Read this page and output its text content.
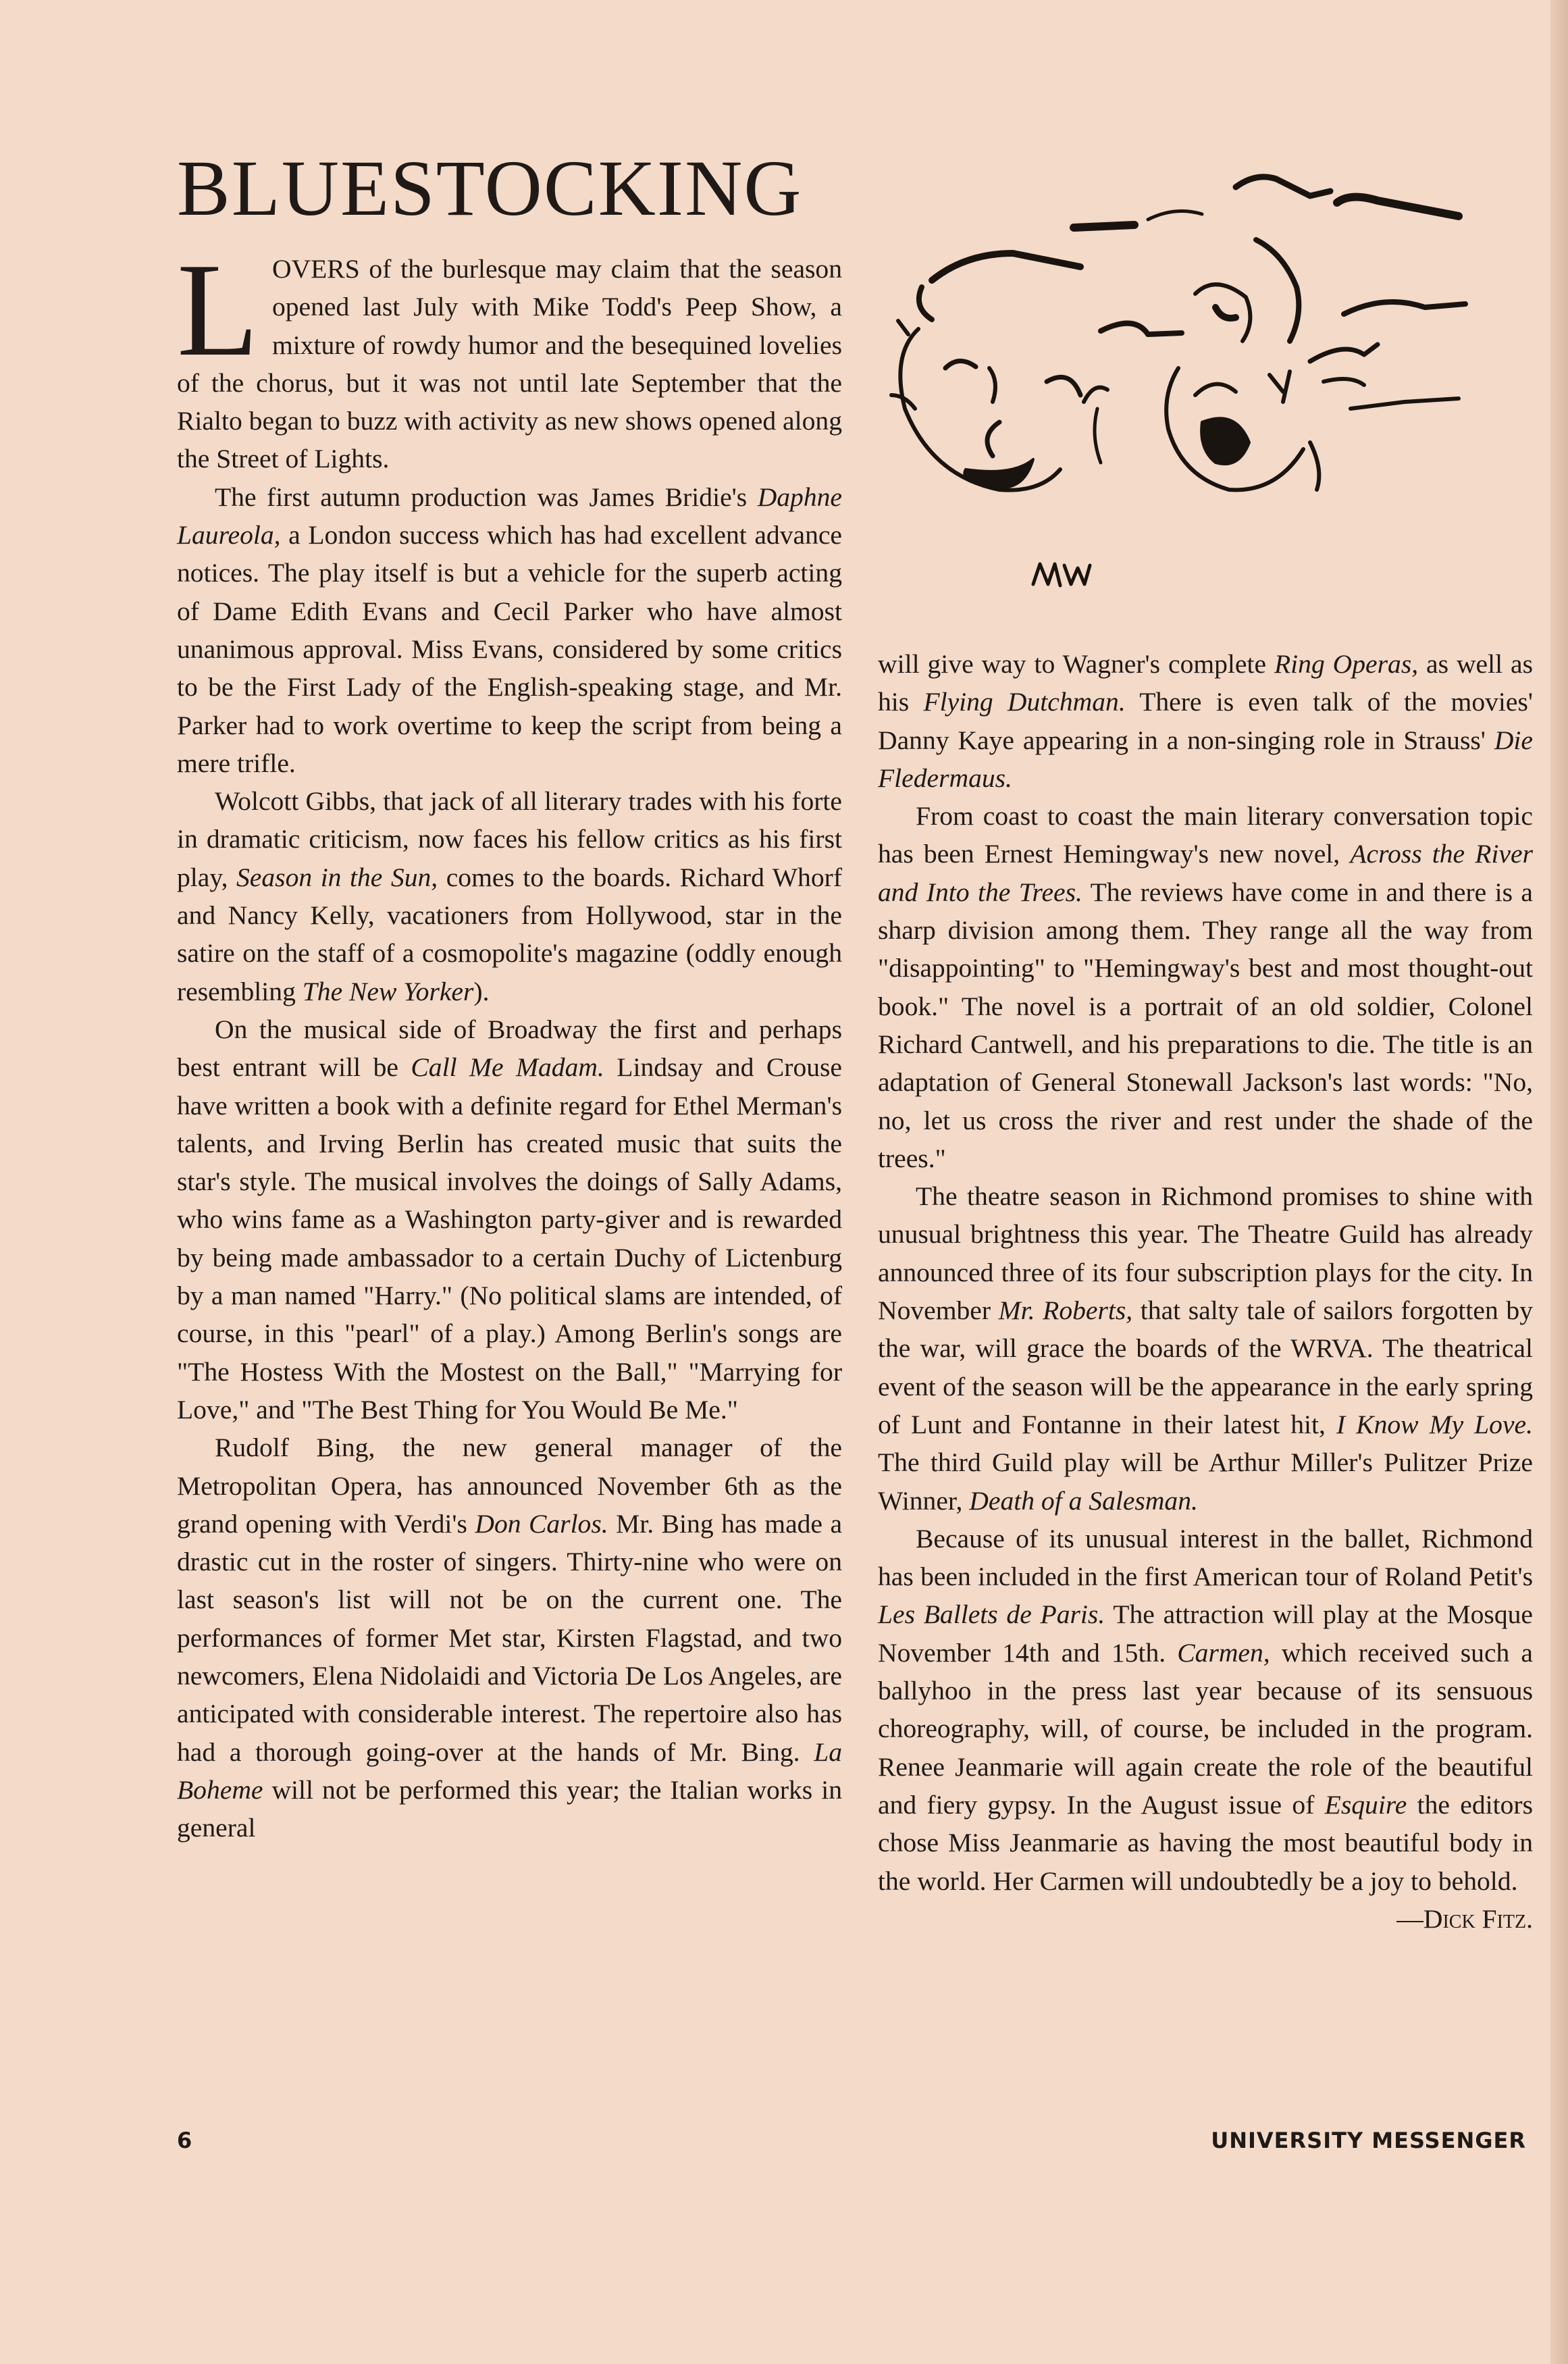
BLUESTOCKING

LOVERS of the burlesque may claim that the season opened last July with Mike Todd's Peep Show, a mixture of rowdy humor and the besequined lovelies of the chorus, but it was not until late September that the Rialto began to buzz with activity as new shows opened along the Street of Lights.

The first autumn production was James Bridie's Daphne Laureola, a London success which has had excellent advance notices. The play itself is but a vehicle for the superb acting of Dame Edith Evans and Cecil Parker who have almost unanimous approval. Miss Evans, considered by some critics to be the First Lady of the English-speaking stage, and Mr. Parker had to work overtime to keep the script from being a mere trifle.

Wolcott Gibbs, that jack of all literary trades with his forte in dramatic criticism, now faces his fellow critics as his first play, Season in the Sun, comes to the boards. Richard Whorf and Nancy Kelly, vacationers from Hollywood, star in the satire on the staff of a cosmopolite's magazine (oddly enough resembling The New Yorker).

On the musical side of Broadway the first and perhaps best entrant will be Call Me Madam. Lindsay and Crouse have written a book with a definite regard for Ethel Merman's talents, and Irving Berlin has created music that suits the star's style. The musical involves the doings of Sally Adams, who wins fame as a Washington party-giver and is rewarded by being made ambassador to a certain Duchy of Lictenburg by a man named "Harry." (No political slams are intended, of course, in this "pearl" of a play.) Among Berlin's songs are "The Hostess With the Mostest on the Ball," "Marrying for Love," and "The Best Thing for You Would Be Me."

Rudolf Bing, the new general manager of the Metropolitan Opera, has announced November 6th as the grand opening with Verdi's Don Carlos. Mr. Bing has made a drastic cut in the roster of singers. Thirty-nine who were on last season's list will not be on the current one. The performances of former Met star, Kirsten Flagstad, and two newcomers, Elena Nidolaidi and Victoria De Los Angeles, are anticipated with considerable interest. The repertoire also has had a thorough going-over at the hands of Mr. Bing. La Boheme will not be performed this year; the Italian works in general

will give way to Wagner's complete Ring Operas, as well as his Flying Dutchman. There is even talk of the movies' Danny Kaye appearing in a non-singing role in Strauss' Die Fledermaus.

From coast to coast the main literary conversation topic has been Ernest Hemingway's new novel, Across the River and Into the Trees. The reviews have come in and there is a sharp division among them. They range all the way from "disappointing" to "Hemingway's best and most thought-out book." The novel is a portrait of an old soldier, Colonel Richard Cantwell, and his preparations to die. The title is an adaptation of General Stonewall Jackson's last words: "No, no, let us cross the river and rest under the shade of the trees."

The theatre season in Richmond promises to shine with unusual brightness this year. The Theatre Guild has already announced three of its four subscription plays for the city. In November Mr. Roberts, that salty tale of sailors forgotten by the war, will grace the boards of the WRVA. The theatrical event of the season will be the appearance in the early spring of Lunt and Fontanne in their latest hit, I Know My Love. The third Guild play will be Arthur Miller's Pulitzer Prize Winner, Death of a Salesman.

Because of its unusual interest in the ballet, Richmond has been included in the first American tour of Roland Petit's Les Ballets de Paris. The attraction will play at the Mosque November 14th and 15th. Carmen, which received such a ballyhoo in the press last year because of its sensuous choreography, will, of course, be included in the program. Renee Jeanmarie will again create the role of the beautiful and fiery gypsy. In the August issue of Esquire the editors chose Miss Jeanmarie as having the most beautiful body in the world. Her Carmen will undoubtedly be a joy to behold.

—Dick Fitz.

6	UNIVERSITY MESSENGER
